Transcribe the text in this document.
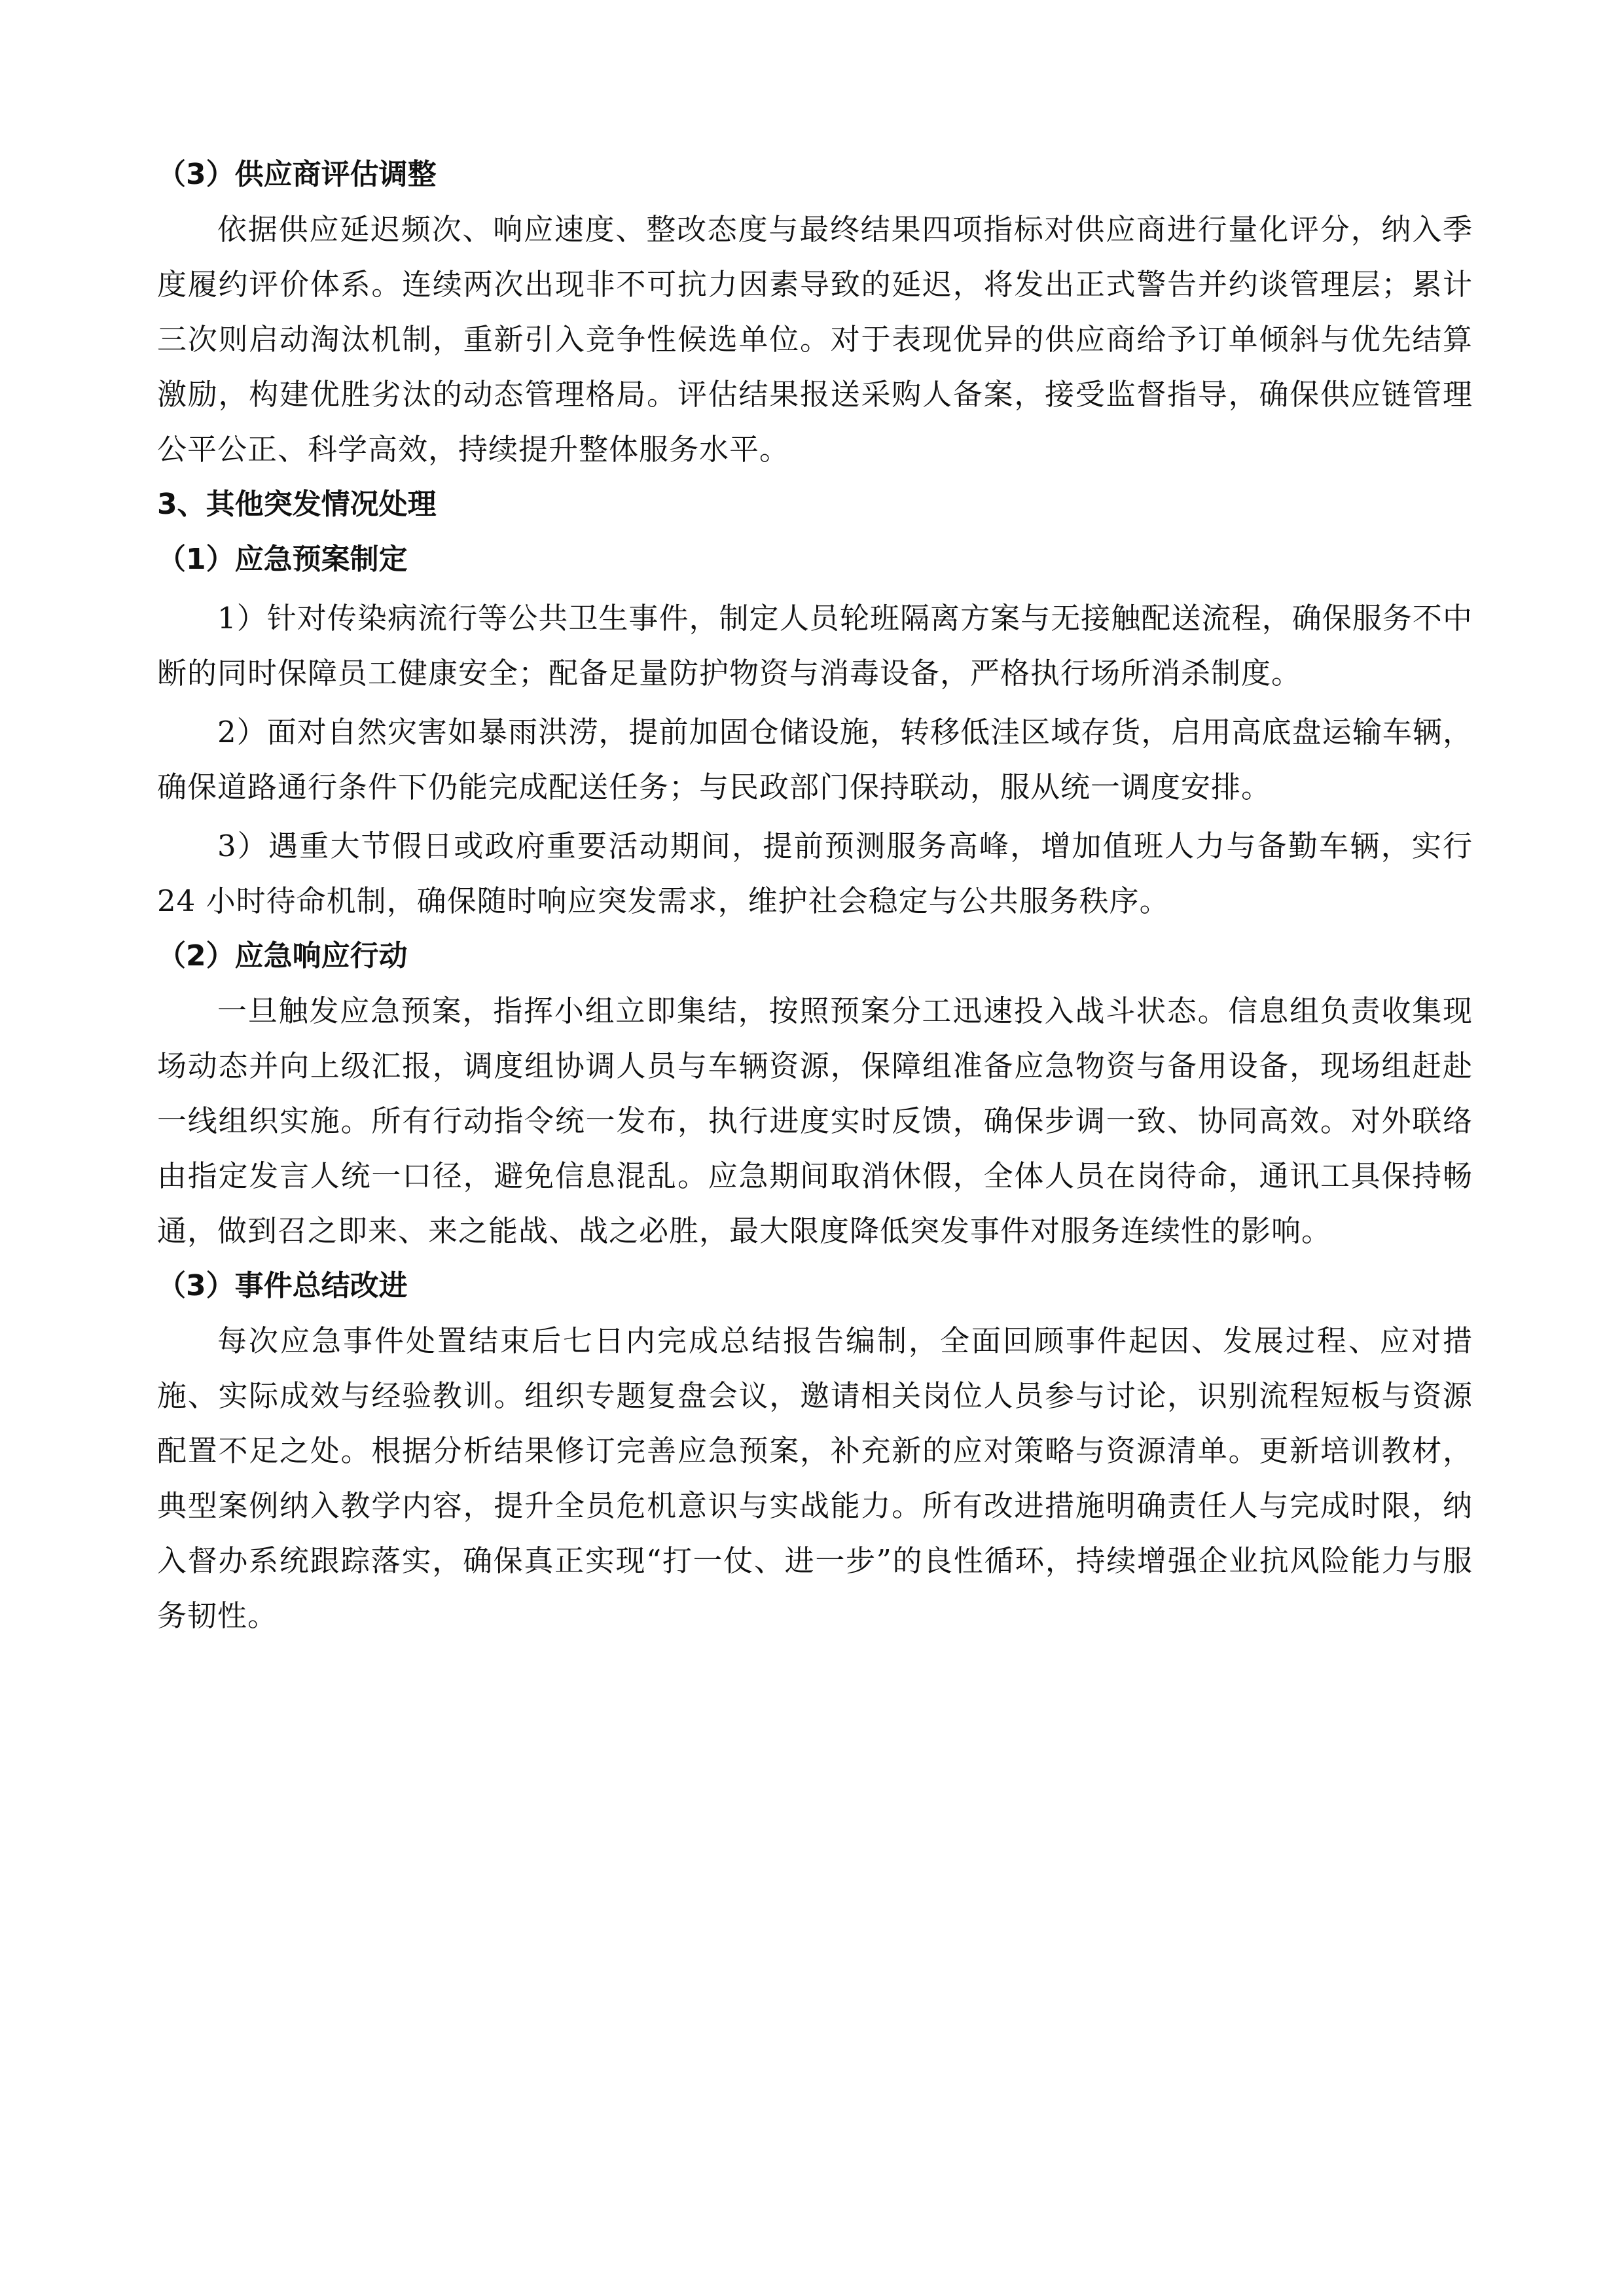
（3）供应商评估调整

依据供应延迟频次、响应速度、整改态度与最终结果四项指标对供应商进行量化评分，纳入季度履约评价体系。连续两次出现非不可抗力因素导致的延迟，将发出正式警告并约谈管理层；累计三次则启动淘汰机制，重新引入竞争性候选单位。对于表现优异的供应商给予订单倾斜与优先结算激励，构建优胜劣汰的动态管理格局。评估结果报送采购人备案，接受监督指导，确保供应链管理公平公正、科学高效，持续提升整体服务水平。

3、其他突发情况处理
（1）应急预案制定

1）针对传染病流行等公共卫生事件，制定人员轮班隔离方案与无接触配送流程，确保服务不中断的同时保障员工健康安全；配备足量防护物资与消毒设备，严格执行场所消杀制度。

2）面对自然灾害如暴雨洪涝，提前加固仓储设施，转移低洼区域存货，启用高底盘运输车辆，确保道路通行条件下仍能完成配送任务；与民政部门保持联动，服从统一调度安排。

3）遇重大节假日或政府重要活动期间，提前预测服务高峰，增加值班人力与备勤车辆，实行 24 小时待命机制，确保随时响应突发需求，维护社会稳定与公共服务秩序。

（2）应急响应行动

一旦触发应急预案，指挥小组立即集结，按照预案分工迅速投入战斗状态。信息组负责收集现场动态并向上级汇报，调度组协调人员与车辆资源，保障组准备应急物资与备用设备，现场组赶赴一线组织实施。所有行动指令统一发布，执行进度实时反馈，确保步调一致、协同高效。对外联络由指定发言人统一口径，避免信息混乱。应急期间取消休假，全体人员在岗待命，通讯工具保持畅通，做到召之即来、来之能战、战之必胜，最大限度降低突发事件对服务连续性的影响。

（3）事件总结改进

每次应急事件处置结束后七日内完成总结报告编制，全面回顾事件起因、发展过程、应对措施、实际成效与经验教训。组织专题复盘会议，邀请相关岗位人员参与讨论，识别流程短板与资源配置不足之处。根据分析结果修订完善应急预案，补充新的应对策略与资源清单。更新培训教材，典型案例纳入教学内容，提升全员危机意识与实战能力。所有改进措施明确责任人与完成时限，纳入督办系统跟踪落实，确保真正实现“打一仗、进一步”的良性循环，持续增强企业抗风险能力与服务韧性。
